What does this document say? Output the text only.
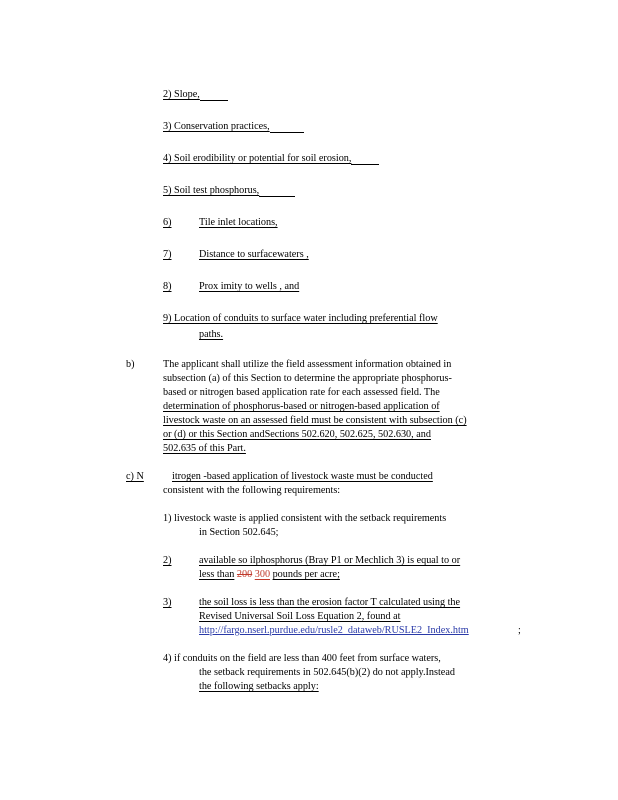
2) Slope,
3) Conservation practices,
4) Soil erodibility or potential for soil erosion,
5) Soil test phosphorus,
6)	Tile inlet locations,
7)	Distance to surfacewaters ,
8)	Prox imity to wells , and
9) Location of conduits to surface water including preferential flow
paths.
b)	The applicant shall utilize the field assessment information obtained in
subsection (a) of this Section to determine the appropriate phosphorus-
based or nitrogen based application rate for each assessed field. The
determination of phosphorus-based or nitrogen-based application of
livestock waste on an assessed field must be consistent with subsection (c)
or (d) or this Section andSections 502.620, 502.625, 502.630, and
502.635 of this Part.
c) N	itrogen -based application of livestock waste must be conducted
consistent with the following requirements:
1) livestock waste is applied consistent with the setback requirements
in Section 502.645;
2)	available so ilphosphorus (Bray P1 or Mechlich 3) is equal to or
less than 200 300 pounds per acre;
3)	the soil loss is less than the erosion factor T calculated using the
Revised Universal Soil Loss Equation 2, found at
http://fargo.nserl.purdue.edu/rusle2_dataweb/RUSLE2_Index.htm	;
4) if conduits on the field are less than 400 feet from surface waters,
the setback requirements in 502.645(b)(2) do not apply.Instead
the following setbacks apply:
